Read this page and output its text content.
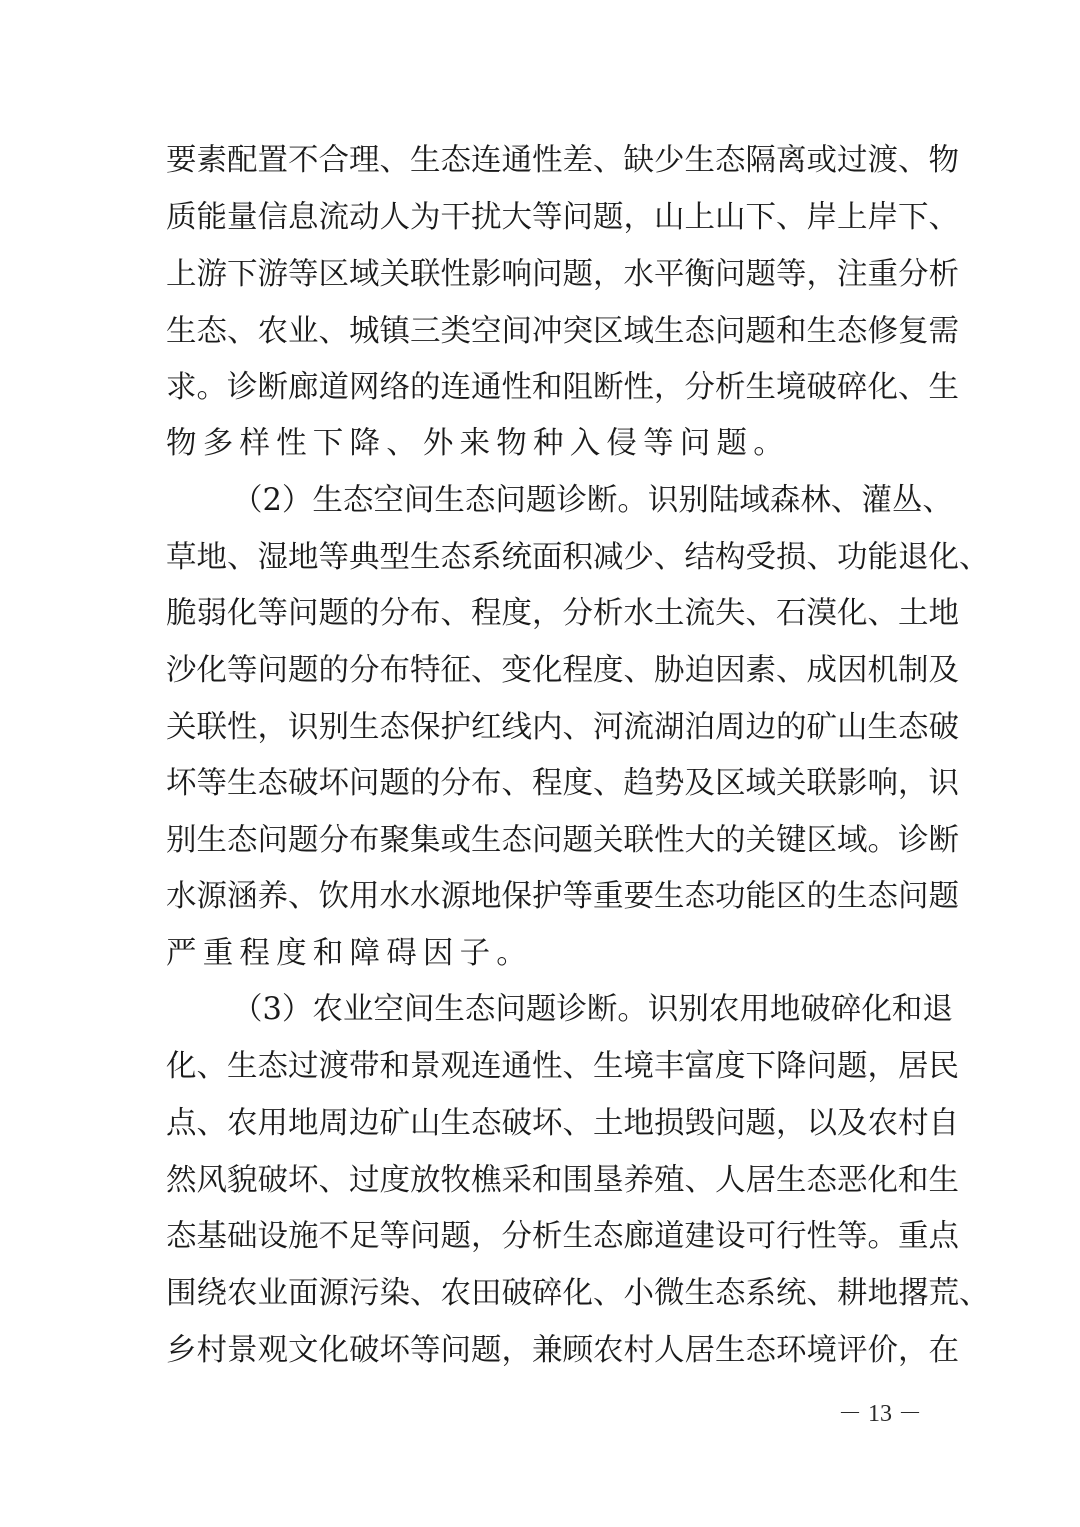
要素配置不合理、生态连通性差、缺少生态隔离或过渡、物
质能量信息流动人为干扰大等问题，山上山下、岸上岸下、
上游下游等区域关联性影响问题，水平衡问题等，注重分析
生态、农业、城镇三类空间冲突区域生态问题和生态修复需
求。诊断廊道网络的连通性和阻断性，分析生境破碎化、生
物多样性下降、外来物种入侵等问题。
（2）生态空间生态问题诊断。识别陆域森林、灌丛、
草地、湿地等典型生态系统面积减少、结构受损、功能退化、
脆弱化等问题的分布、程度，分析水土流失、石漠化、土地
沙化等问题的分布特征、变化程度、胁迫因素、成因机制及
关联性，识别生态保护红线内、河流湖泊周边的矿山生态破
坏等生态破坏问题的分布、程度、趋势及区域关联影响，识
别生态问题分布聚集或生态问题关联性大的关键区域。诊断
水源涵养、饮用水水源地保护等重要生态功能区的生态问题
严重程度和障碍因子。
（3）农业空间生态问题诊断。识别农用地破碎化和退
化、生态过渡带和景观连通性、生境丰富度下降问题，居民
点、农用地周边矿山生态破坏、土地损毁问题，以及农村自
然风貌破坏、过度放牧樵采和围垦养殖、人居生态恶化和生
态基础设施不足等问题，分析生态廊道建设可行性等。重点
围绕农业面源污染、农田破碎化、小微生态系统、耕地撂荒、
乡村景观文化破坏等问题，兼顾农村人居生态环境评价，在
－ 13 －
